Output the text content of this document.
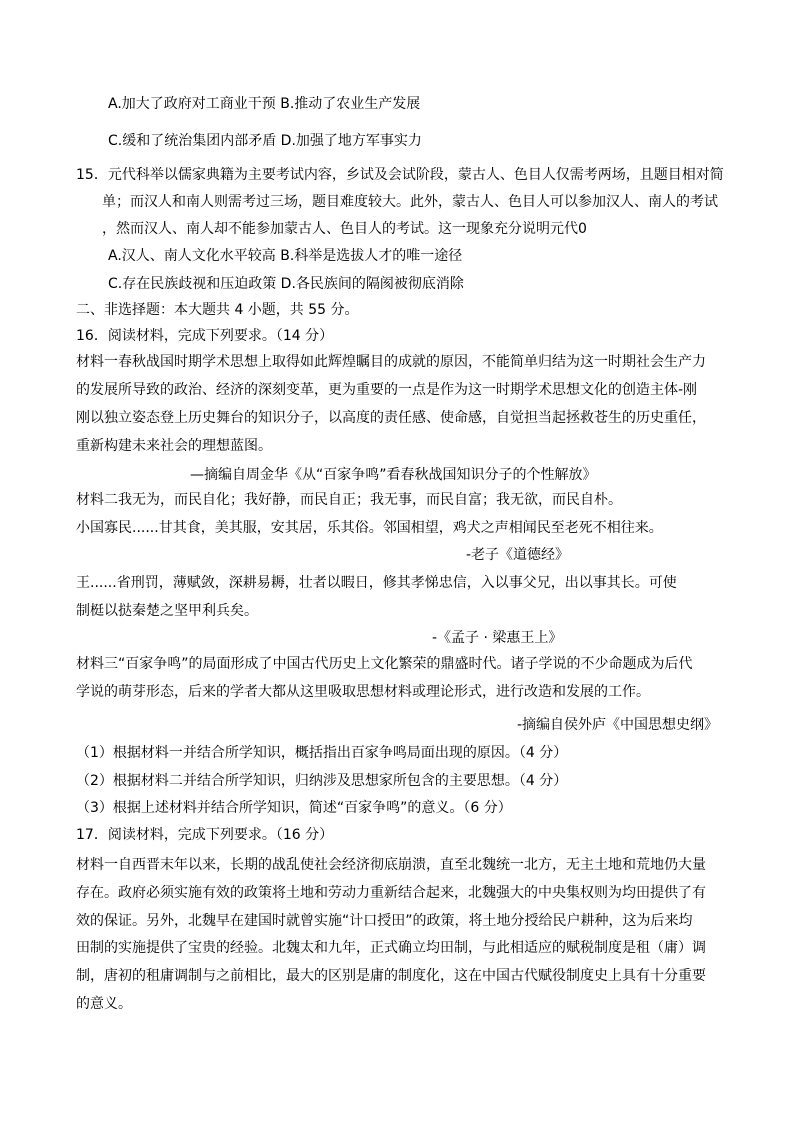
A.加大了政府对工商业干预 B.推动了农业生产发展
C.缓和了统治集团内部矛盾 D.加强了地方军事实力
15．元代科举以儒家典籍为主要考试内容，乡试及会试阶段，蒙古人、色目人仅需考两场，且题目相对简
单；而汉人和南人则需考过三场，题目难度较大。此外，蒙古人、色目人可以参加汉人、南人的考试
，然而汉人、南人却不能参加蒙古人、色目人的考试。这一现象充分说明元代0
A.汉人、南人文化水平较高 B.科举是选拔人才的唯一途径
C.存在民族歧视和压迫政策 D.各民族间的隔阂被彻底消除
二、非选择题：本大题共 4 小题，共 55 分。
16．阅读材料，完成下列要求。（14 分）
材料一春秋战国时期学术思想上取得如此辉煌瞩目的成就的原因，不能简单归结为这一时期社会生产力
的发展所导致的政治、经济的深刻变革，更为重要的一点是作为这一时期学术思想文化的创造主体-刚
刚以独立姿态登上历史舞台的知识分子，以高度的责任感、使命感，自觉担当起拯救苍生的历史重任，
重新构建未来社会的理想蓝图。
—摘编自周金华《从“百家争鸣”看春秋战国知识分子的个性解放》
材料二我无为，而民自化；我好静，而民自正；我无事，而民自富；我无欲，而民自朴。
小国寡民......甘其食，美其服，安其居，乐其俗。邻国相望，鸡犬之声相闻民至老死不相往来。
-老子《道德经》
王......省刑罚，薄赋敛，深耕易耨，壮者以暇日，修其孝悌忠信，入以事父兄，出以事其长。可使
制梃以挞秦楚之坚甲利兵矣。
-《孟子 · 梁惠王上》
材料三“百家争鸣”的局面形成了中国古代历史上文化繁荣的鼎盛时代。诸子学说的不少命题成为后代
学说的萌芽形态，后来的学者大都从这里吸取思想材料或理论形式，进行改造和发展的工作。
-摘编自侯外庐《中国思想史纲》
（1）根据材料一并结合所学知识，概括指出百家争鸣局面出现的原因。（4 分）
（2）根据材料二并结合所学知识，归纳涉及思想家所包含的主要思想。（4 分）
（3）根据上述材料并结合所学知识，简述“百家争鸣”的意义。（6 分）
17．阅读材料，完成下列要求。（16 分）
材料一自西晋末年以来，长期的战乱使社会经济彻底崩溃，直至北魏统一北方，无主土地和荒地仍大量
存在。政府必须实施有效的政策将土地和劳动力重新结合起来，北魏强大的中央集权则为均田提供了有
效的保证。另外，北魏早在建国时就曾实施“计口授田”的政策，将土地分授给民户耕种，这为后来均
田制的实施提供了宝贵的经验。北魏太和九年，正式确立均田制，与此相适应的赋税制度是租（庸）调
制，唐初的租庸调制与之前相比，最大的区别是庸的制度化，这在中国古代赋役制度史上具有十分重要
的意义。
